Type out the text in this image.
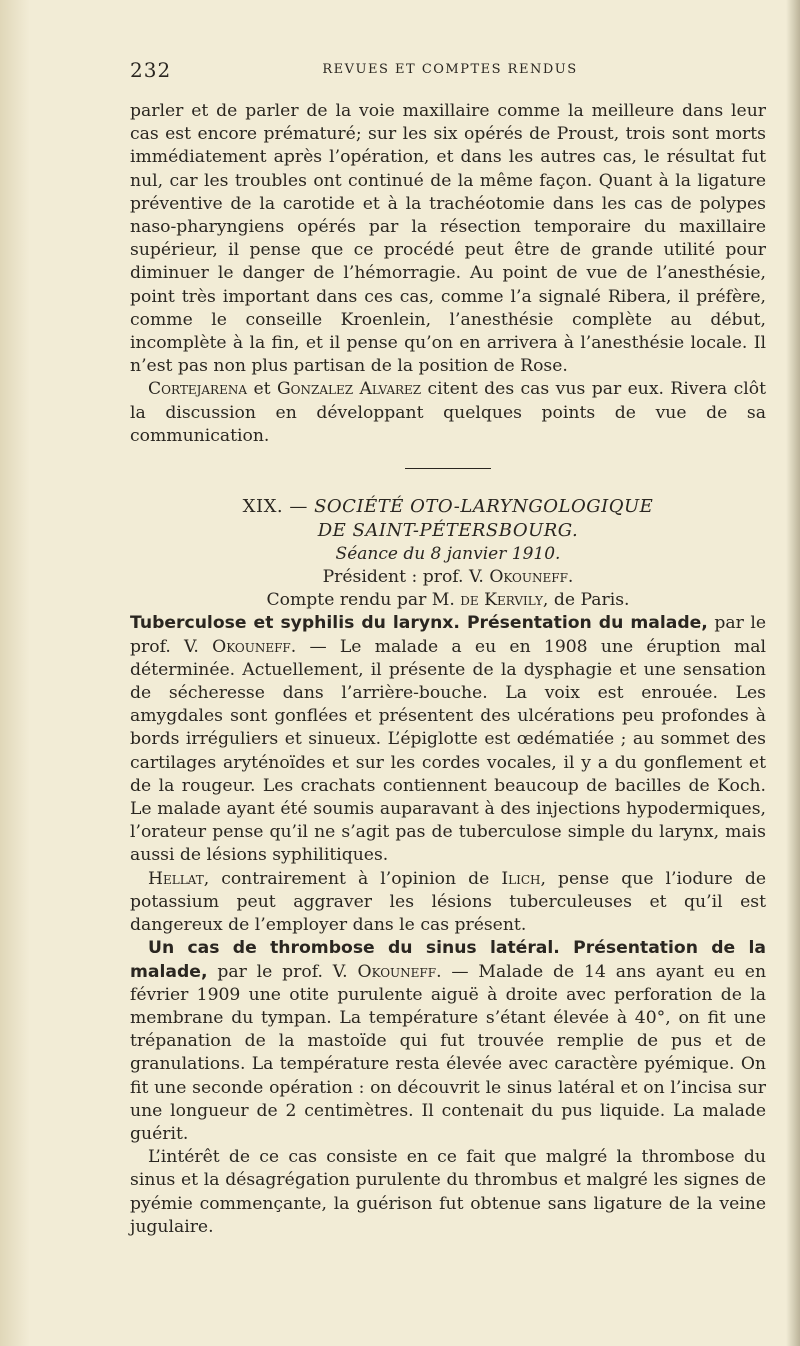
232	REVUES ET COMPTES RENDUS

parler et de parler de la voie maxillaire comme la meilleure dans leur cas est encore prématuré; sur les six opérés de Proust, trois sont morts immédiatement après l’opération, et dans les autres cas, le résultat fut nul, car les troubles ont continué de la même façon. Quant à la ligature préventive de la carotide et à la trachéotomie dans les cas de polypes naso-pharyngiens opérés par la résection temporaire du maxillaire supérieur, il pense que ce procédé peut être de grande utilité pour diminuer le danger de l’hémorragie. Au point de vue de l’anesthésie, point très important dans ces cas, comme l’a signalé Ribera, il préfère, comme le conseille Kroenlein, l’anesthésie complète au début, incomplète à la fin, et il pense qu’on en arrivera à l’anesthésie locale. Il n’est pas non plus partisan de la position de Rose.

Cortejarena et Gonzalez Alvarez citent des cas vus par eux. Rivera clôt la discussion en développant quelques points de vue de sa communication.

XIX. — SOCIÉTÉ OTO-LARYNGOLOGIQUE

DE SAINT-PÉTERSBOURG.

Séance du 8 janvier 1910.

Président : prof. V. Okouneff.

Compte rendu par M. de Kervily, de Paris.

Tuberculose et syphilis du larynx. Présentation du malade, par le prof. V. Okouneff. — Le malade a eu en 1908 une éruption mal déterminée. Actuellement, il présente de la dysphagie et une sensation de sécheresse dans l’arrière-bouche. La voix est enrouée. Les amygdales sont gonflées et présentent des ulcérations peu profondes à bords irréguliers et sinueux. L’épiglotte est œdématiée ; au sommet des cartilages aryténoïdes et sur les cordes vocales, il y a du gonflement et de la rougeur. Les crachats contiennent beaucoup de bacilles de Koch. Le malade ayant été soumis auparavant à des injections hypodermiques, l’orateur pense qu’il ne s’agit pas de tuberculose simple du larynx, mais aussi de lésions syphilitiques.

Hellat, contrairement à l’opinion de Ilich, pense que l’iodure de potassium peut aggraver les lésions tuberculeuses et qu’il est dangereux de l’employer dans le cas présent.

Un cas de thrombose du sinus latéral. Présentation de la malade, par le prof. V. Okouneff. — Malade de 14 ans ayant eu en février 1909 une otite purulente aiguë à droite avec perforation de la membrane du tympan. La température s’étant élevée à 40°, on fit une trépanation de la mastoïde qui fut trouvée remplie de pus et de granulations. La température resta élevée avec caractère pyémique. On fit une seconde opération : on découvrit le sinus latéral et on l’incisa sur une longueur de 2 centimètres. Il contenait du pus liquide. La malade guérit.

L’intérêt de ce cas consiste en ce fait que malgré la thrombose du sinus et la désagrégation purulente du thrombus et malgré les signes de pyémie commençante, la guérison fut obtenue sans ligature de la veine jugulaire.
